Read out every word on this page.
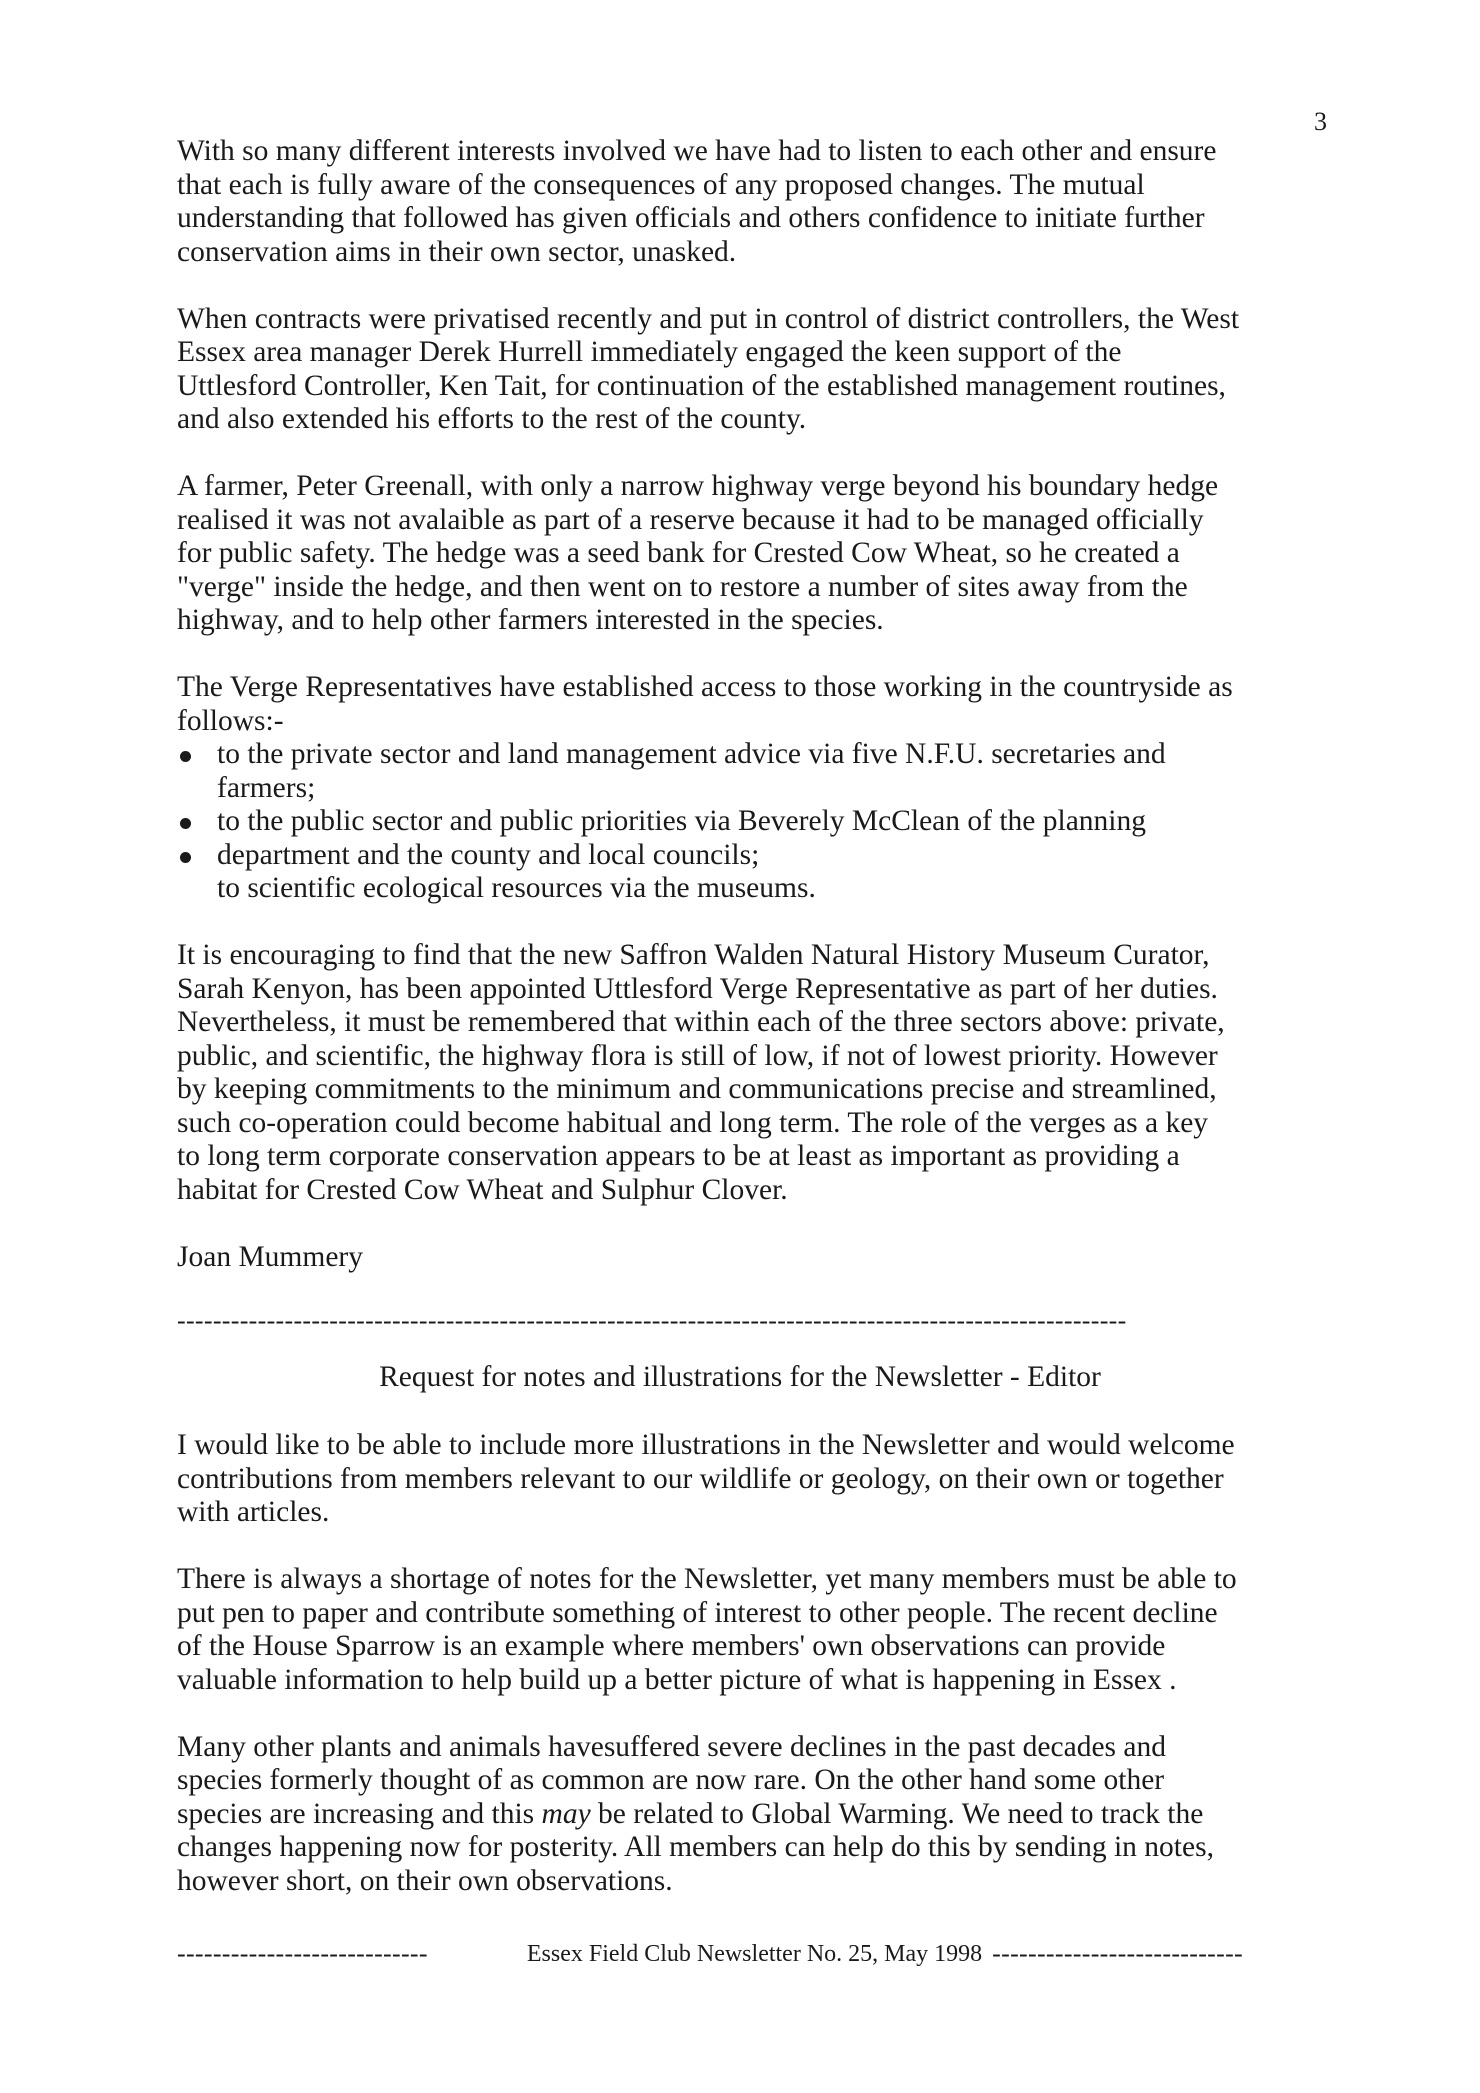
3

With so many different interests involved we have had to listen to each other and ensure
that each is fully aware of the consequences of any proposed changes. The mutual
understanding that followed has given officials and others confidence to initiate further
conservation aims in their own sector, unasked.

When contracts were privatised recently and put in control of district controllers, the West
Essex area manager Derek Hurrell immediately engaged the keen support of the
Uttlesford Controller, Ken Tait, for continuation of the established management routines,
and also extended his efforts to the rest of the county.

A farmer, Peter Greenall, with only a narrow highway verge beyond his boundary hedge
realised it was not avalaible as part of a reserve because it had to be managed officially
for public safety. The hedge was a seed bank for Crested Cow Wheat, so he created a
"verge" inside the hedge, and then went on to restore a number of sites away from the
highway, and to help other farmers interested in the species.

The Verge Representatives have established access to those working in the countryside as
follows:-

to the private sector and land management advice via five N.F.U. secretaries and
farmers;
to the public sector and public priorities via Beverely McClean of the planning
department and the county and local councils;
to scientific ecological resources via the museums.

It is encouraging to find that the new Saffron Walden Natural History Museum Curator,
Sarah Kenyon, has been appointed Uttlesford Verge Representative as part of her duties.
Nevertheless, it must be remembered that within each of the three sectors above: private,
public, and scientific, the highway flora is still of low, if not of lowest priority. However
by keeping commitments to the minimum and communications precise and streamlined,
such co-operation could become habitual and long term. The role of the verges as a key
to long term corporate conservation appears to be at least as important as providing a
habitat for Crested Cow Wheat and Sulphur Clover.

Joan Mummery

----------------------------------------------------------------------------------------------------------
Request for notes and illustrations for the Newsletter - Editor

I would like to be able to include more illustrations in the Newsletter and would welcome
contributions from members relevant to our wildlife or geology, on their own or together
with articles.

There is always a shortage of notes for the Newsletter, yet many members must be able to
put pen to paper and contribute something of interest to other people. The recent decline
of the House Sparrow is an example where members' own observations can provide
valuable information to help build up a better picture of what is happening in Essex .

Many other plants and animals havesuffered severe declines in the past decades and
species formerly thought of as common are now rare. On the other hand some other
species are increasing and this may be related to Global Warming. We need to track the
changes happening now for posterity. All members can help do this by sending in notes,
however short, on their own observations.

----------------------------	Essex Field Club Newsletter No. 25, May 1998 ----------------------------
